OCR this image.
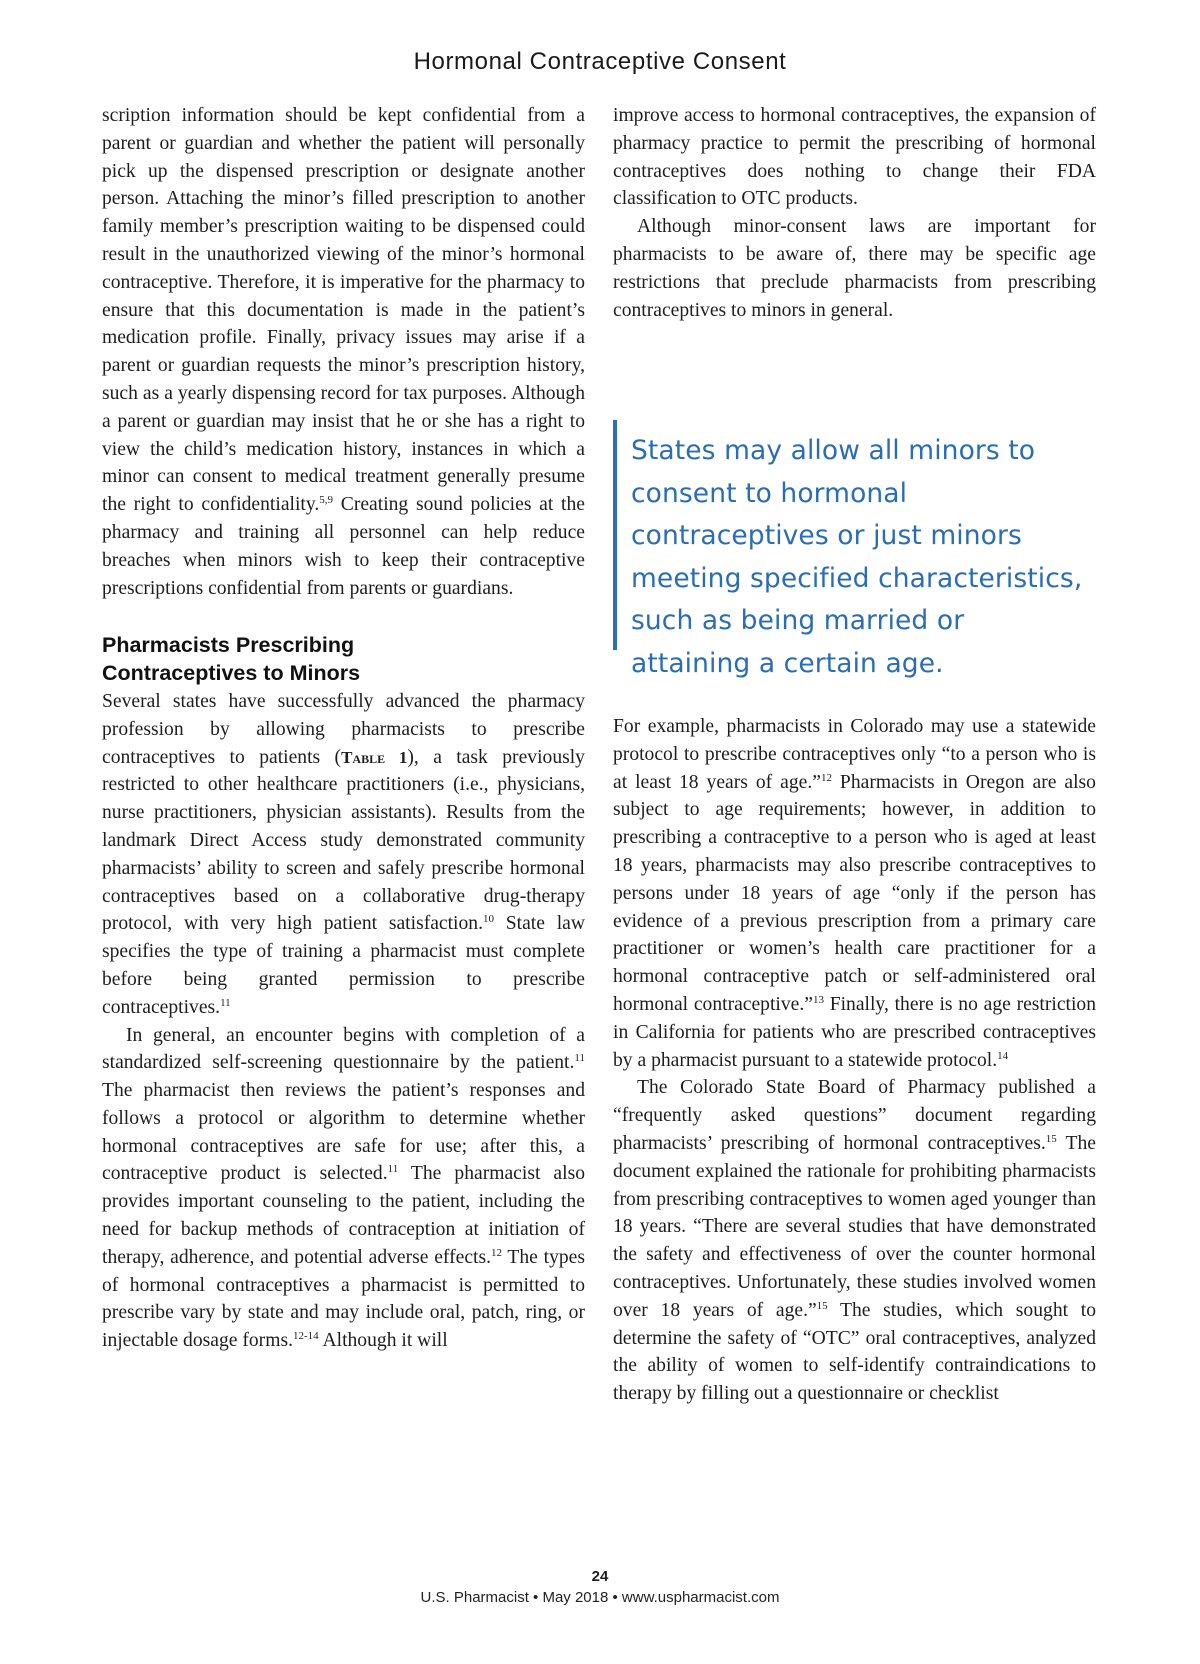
Hormonal Contraceptive Consent

scription information should be kept confidential from a parent or guardian and whether the patient will personally pick up the dispensed prescription or designate another person. Attaching the minor’s filled prescription to another family member’s prescription waiting to be dispensed could result in the unauthorized viewing of the minor’s hormonal contraceptive. Therefore, it is imperative for the pharmacy to ensure that this documentation is made in the patient’s medication profile. Finally, privacy issues may arise if a parent or guardian requests the minor’s prescription history, such as a yearly dispensing record for tax purposes. Although a parent or guardian may insist that he or she has a right to view the child’s medication history, instances in which a minor can consent to medical treatment generally presume the right to confidentiality.$^{5,9}$ Creating sound policies at the pharmacy and training all personnel can help reduce breaches when minors wish to keep their contraceptive prescriptions confidential from parents or guardians.

Pharmacists Prescribing
Contraceptives to Minors

Several states have successfully advanced the pharmacy profession by allowing pharmacists to prescribe contraceptives to patients (Table 1), a task previously restricted to other healthcare practitioners (i.e., physicians, nurse practitioners, physician assistants). Results from the landmark Direct Access study demonstrated community pharmacists’ ability to screen and safely prescribe hormonal contraceptives based on a collaborative drug-therapy protocol, with very high patient satisfaction.$^{10}$ State law specifies the type of training a pharmacist must complete before being granted permission to prescribe contraceptives.$^{11}$

In general, an encounter begins with completion of a standardized self-screening questionnaire by the patient.$^{11}$ The pharmacist then reviews the patient’s responses and follows a protocol or algorithm to determine whether hormonal contraceptives are safe for use; after this, a contraceptive product is selected.$^{11}$ The pharmacist also provides important counseling to the patient, including the need for backup methods of contraception at initiation of therapy, adherence, and potential adverse effects.$^{12}$ The types of hormonal contraceptives a pharmacist is permitted to prescribe vary by state and may include oral, patch, ring, or injectable dosage forms.$^{12-14}$ Although it will

improve access to hormonal contraceptives, the expansion of pharmacy practice to permit the prescribing of hormonal contraceptives does nothing to change their FDA classification to OTC products.

Although minor-consent laws are important for pharmacists to be aware of, there may be specific age restrictions that preclude pharmacists from prescribing contraceptives to minors in general.

States may allow all minors to consent to hormonal contraceptives or just minors meeting specified characteristics, such as being married or attaining a certain age.

For example, pharmacists in Colorado may use a statewide protocol to prescribe contraceptives only “to a person who is at least 18 years of age.”$^{12}$ Pharmacists in Oregon are also subject to age requirements; however, in addition to prescribing a contraceptive to a person who is aged at least 18 years, pharmacists may also prescribe contraceptives to persons under 18 years of age “only if the person has evidence of a previous prescription from a primary care practitioner or women’s health care practitioner for a hormonal contraceptive patch or self-administered oral hormonal contraceptive.”$^{13}$ Finally, there is no age restriction in California for patients who are prescribed contraceptives by a pharmacist pursuant to a statewide protocol.$^{14}$

The Colorado State Board of Pharmacy published a “frequently asked questions” document regarding pharmacists’ prescribing of hormonal contraceptives.$^{15}$ The document explained the rationale for prohibiting pharmacists from prescribing contraceptives to women aged younger than 18 years. “There are several studies that have demonstrated the safety and effectiveness of over the counter hormonal contraceptives. Unfortunately, these studies involved women over 18 years of age.”$^{15}$ The studies, which sought to determine the safety of “OTC” oral contraceptives, analyzed the ability of women to self-identify contraindications to therapy by filling out a questionnaire or checklist

24
U.S. Pharmacist • May 2018 • www.uspharmacist.com
